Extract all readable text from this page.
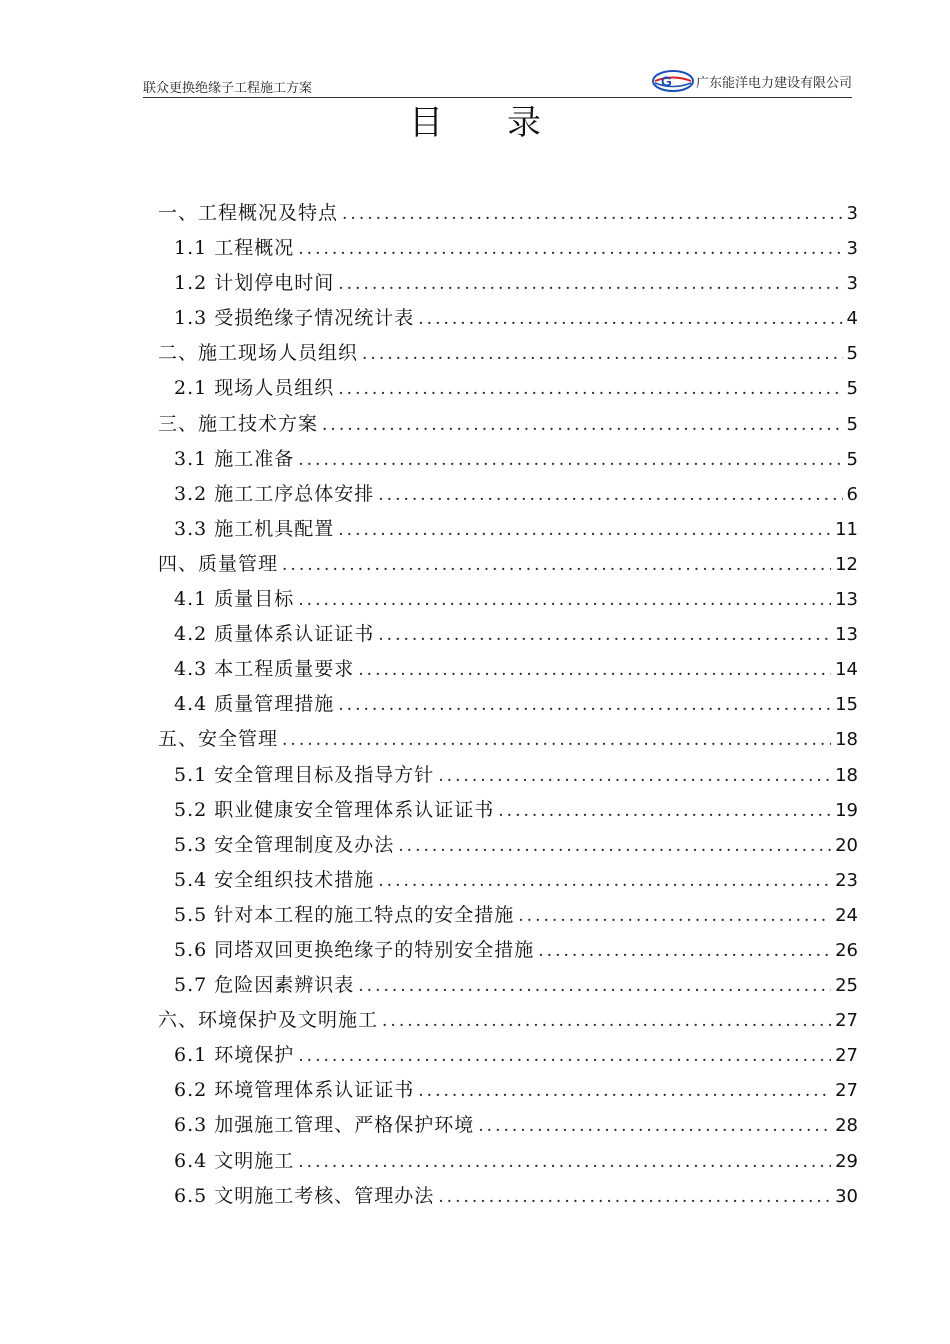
联众更换绝缘子工程施工方案	G 广东能洋电力建设有限公司
目 录
一、工程概况及特点 .....	3
1.1 工程概况 .....	3
1.2 计划停电时间 .....	3
1.3 受损绝缘子情况统计表 .....	4
二、施工现场人员组织 .....	5
2.1 现场人员组织 .....	5
三、施工技术方案 .....	5
3.1 施工准备 .....	5
3.2 施工工序总体安排 .....	6
3.3 施工机具配置 .....	11
四、质量管理 .....	12
4.1 质量目标 .....	13
4.2 质量体系认证证书 .....	13
4.3 本工程质量要求 .....	14
4.4 质量管理措施 .....	15
五、安全管理 .....	18
5.1 安全管理目标及指导方针 .....	18
5.2 职业健康安全管理体系认证证书 .....	19
5.3 安全管理制度及办法 .....	20
5.4 安全组织技术措施 .....	23
5.5 针对本工程的施工特点的安全措施 .....	24
5.6 同塔双回更换绝缘子的特别安全措施 .....	26
5.7 危险因素辨识表 .....	25
六、环境保护及文明施工 .....	27
6.1 环境保护 .....	27
6.2 环境管理体系认证证书 .....	27
6.3 加强施工管理、严格保护环境 .....	28
6.4 文明施工 .....	29
6.5 文明施工考核、管理办法 .....	30
